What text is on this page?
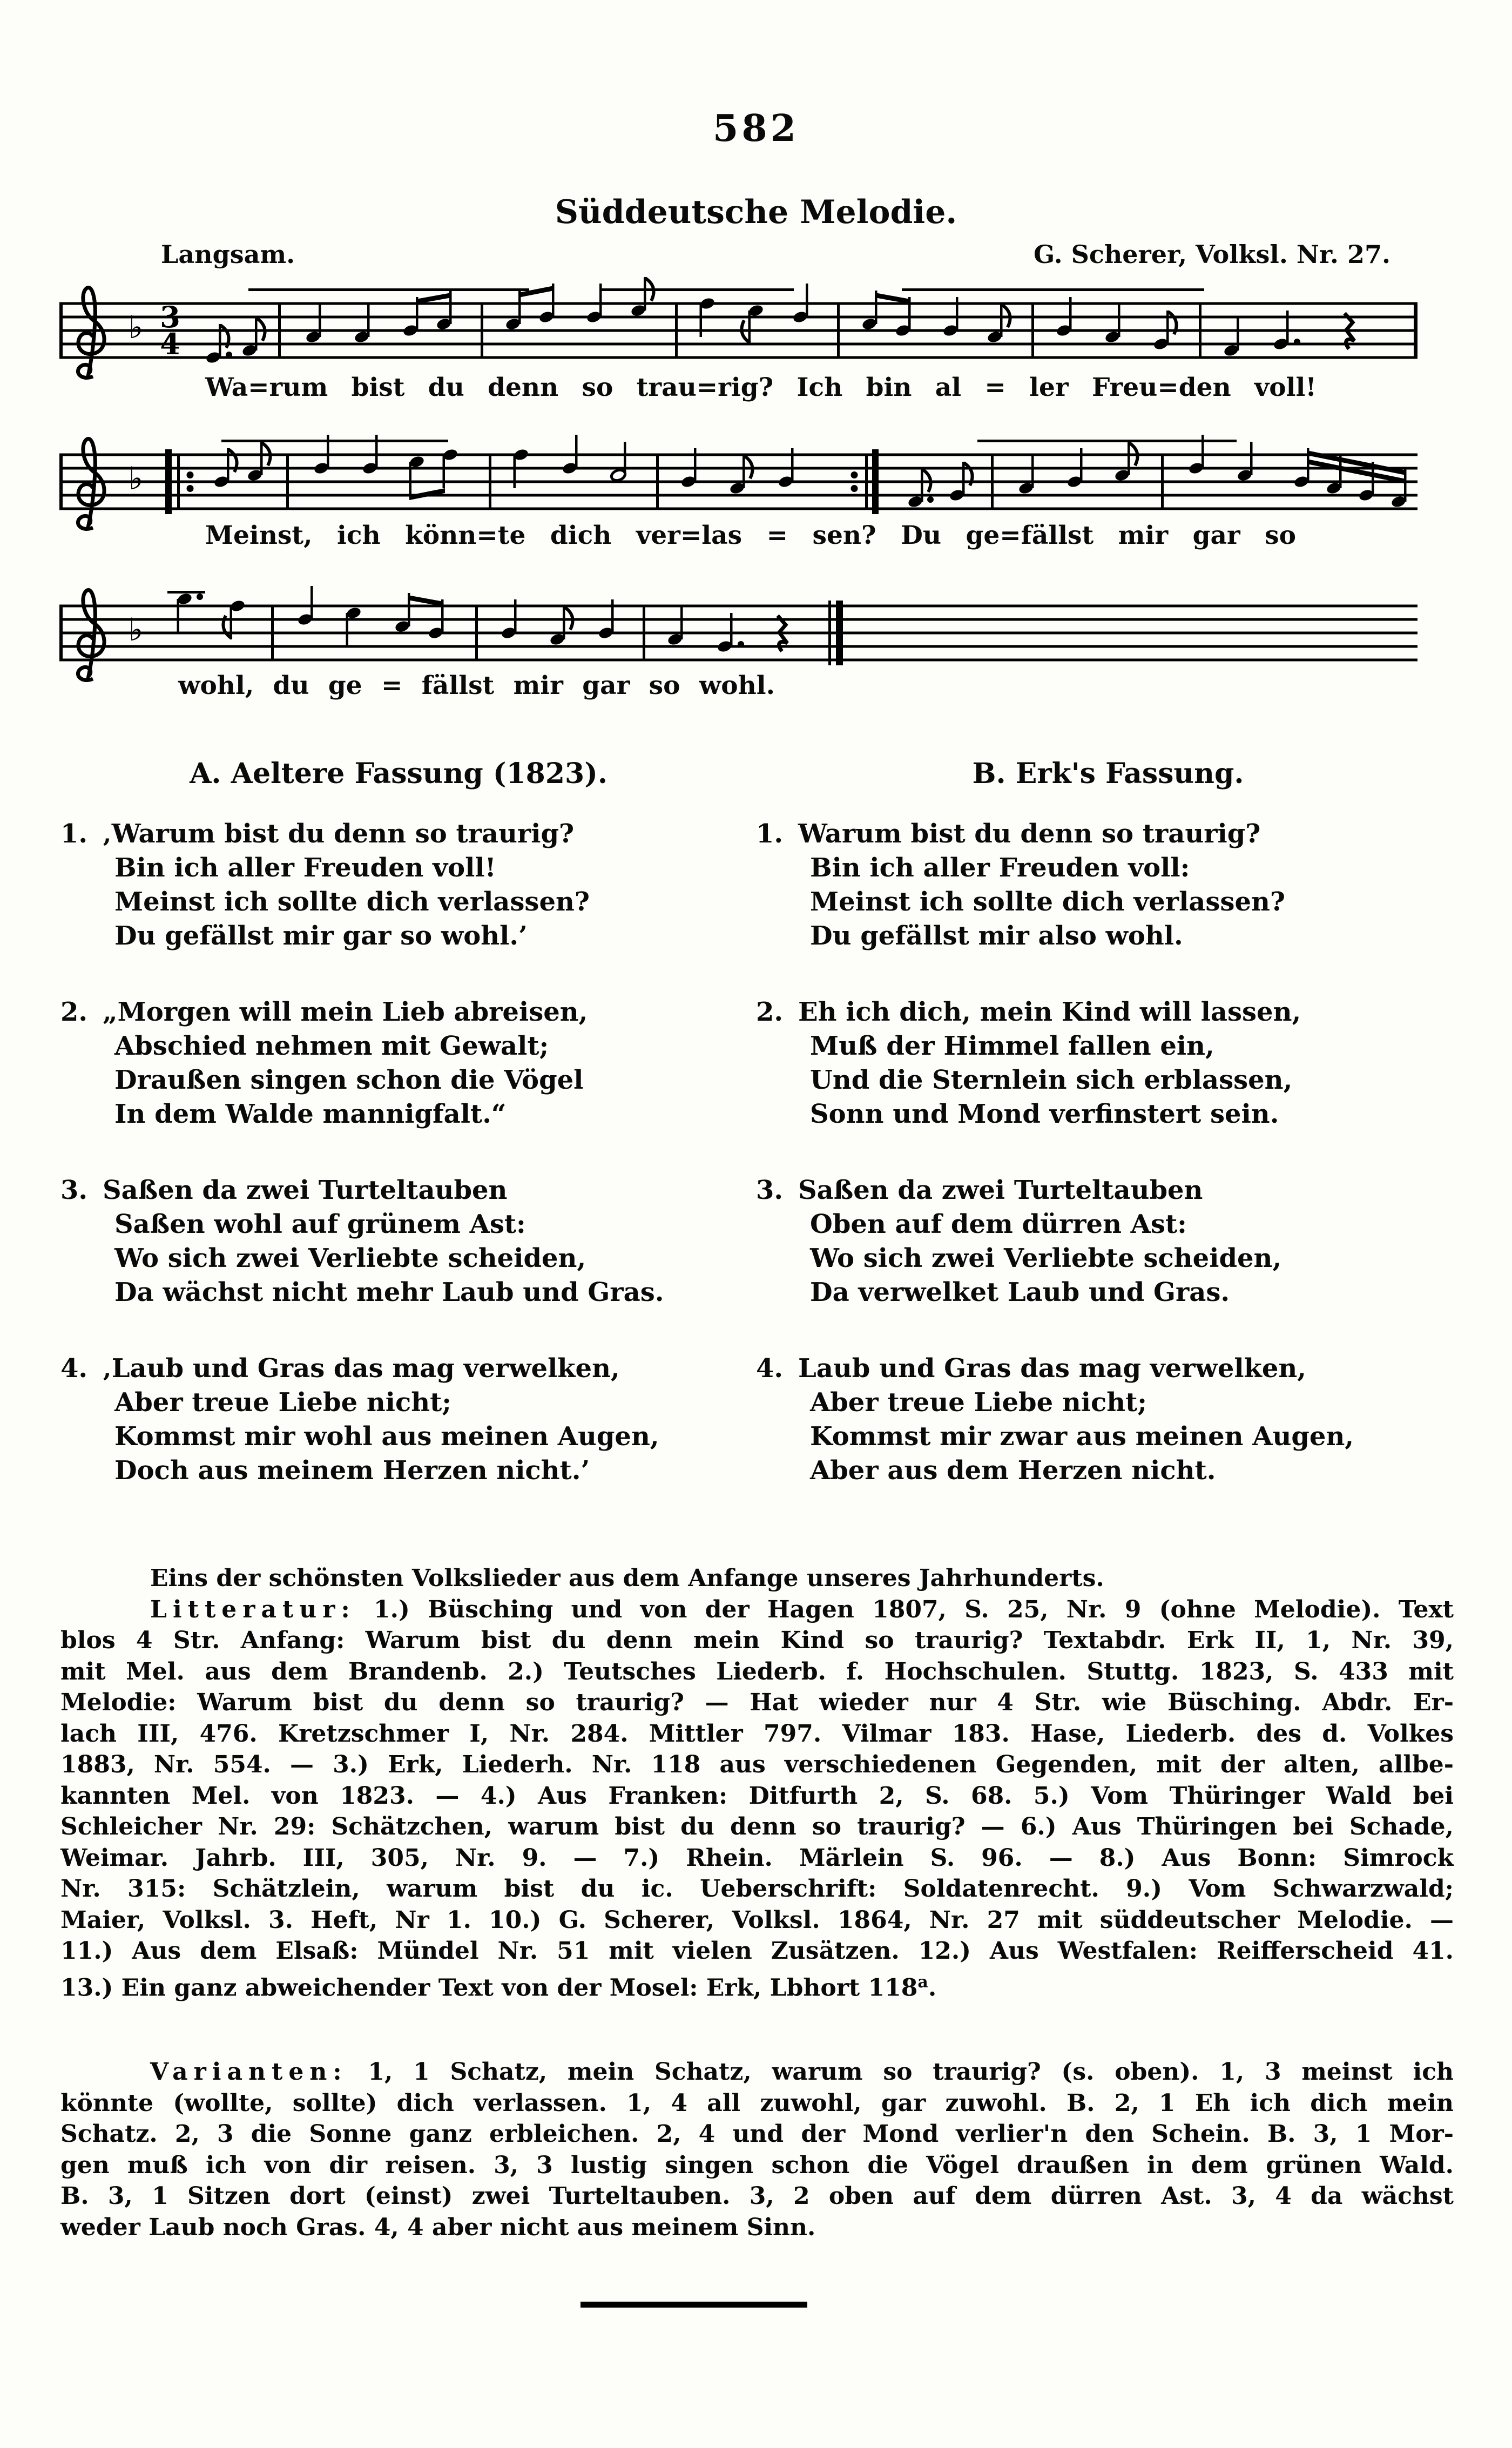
582
Süddeutsche Melodie.
Langsam.	G. Scherer, Volksl. Nr. 27.
♭ 3
4
Wa=rum bist du denn so trau=rig? Ich bin al = ler Freu=den voll!
♭
Meinst, ich könn=te dich ver=las = sen? Du ge=fällst mir gar so
♭
wohl, du ge = fällst mir gar so wohl.
A. Aeltere Fassung (1823).
1. ‚Warum bist du denn so traurig?
Bin ich aller Freuden voll!
Meinst ich sollte dich verlassen?
Du gefällst mir gar so wohl.’
2. „Morgen will mein Lieb abreisen,
Abschied nehmen mit Gewalt;
Draußen singen schon die Vögel
In dem Walde mannigfalt.“
3. Saßen da zwei Turteltauben
Saßen wohl auf grünem Ast:
Wo sich zwei Verliebte scheiden,
Da wächst nicht mehr Laub und Gras.
4. ‚Laub und Gras das mag verwelken,
Aber treue Liebe nicht;
Kommst mir wohl aus meinen Augen,
Doch aus meinem Herzen nicht.’
B. Erk's Fassung.
1. Warum bist du denn so traurig?
Bin ich aller Freuden voll:
Meinst ich sollte dich verlassen?
Du gefällst mir also wohl.
2. Eh ich dich, mein Kind will lassen,
Muß der Himmel fallen ein,
Und die Sternlein sich erblassen,
Sonn und Mond verfinstert sein.
3. Saßen da zwei Turteltauben
Oben auf dem dürren Ast:
Wo sich zwei Verliebte scheiden,
Da verwelket Laub und Gras.
4. Laub und Gras das mag verwelken,
Aber treue Liebe nicht;
Kommst mir zwar aus meinen Augen,
Aber aus dem Herzen nicht.
Eins der schönsten Volkslieder aus dem Anfange unseres Jahrhunderts.
Litteratur: 1.) Büsching und von der Hagen 1807, S. 25, Nr. 9 (ohne Melodie). Text
blos 4 Str. Anfang: Warum bist du denn mein Kind so traurig? Textabdr. Erk II, 1, Nr. 39,
mit Mel. aus dem Brandenb. 2.) Teutsches Liederb. f. Hochschulen. Stuttg. 1823, S. 433 mit
Melodie: Warum bist du denn so traurig? — Hat wieder nur 4 Str. wie Büsching. Abdr. Er-
lach III, 476. Kretzschmer I, Nr. 284. Mittler 797. Vilmar 183. Hase, Liederb. des d. Volkes
1883, Nr. 554. — 3.) Erk, Liederh. Nr. 118 aus verschiedenen Gegenden, mit der alten, allbe-
kannten Mel. von 1823. — 4.) Aus Franken: Ditfurth 2, S. 68. 5.) Vom Thüringer Wald bei
Schleicher Nr. 29: Schätzchen, warum bist du denn so traurig? — 6.) Aus Thüringen bei Schade,
Weimar. Jahrb. III, 305, Nr. 9. — 7.) Rhein. Märlein S. 96. — 8.) Aus Bonn: Simrock
Nr. 315: Schätzlein, warum bist du ic. Ueberschrift: Soldatenrecht. 9.) Vom Schwarzwald;
Maier, Volksl. 3. Heft, Nr 1. 10.) G. Scherer, Volksl. 1864, Nr. 27 mit süddeutscher Melodie. —
11.) Aus dem Elsaß: Mündel Nr. 51 mit vielen Zusätzen. 12.) Aus Westfalen: Reifferscheid 41.
13.) Ein ganz abweichender Text von der Mosel: Erk, Lbhort 118$^a$.
Varianten: 1, 1 Schatz, mein Schatz, warum so traurig? (s. oben). 1, 3 meinst ich
könnte (wollte, sollte) dich verlassen. 1, 4 all zuwohl, gar zuwohl. B. 2, 1 Eh ich dich mein
Schatz. 2, 3 die Sonne ganz erbleichen. 2, 4 und der Mond verlier'n den Schein. B. 3, 1 Mor-
gen muß ich von dir reisen. 3, 3 lustig singen schon die Vögel draußen in dem grünen Wald.
B. 3, 1 Sitzen dort (einst) zwei Turteltauben. 3, 2 oben auf dem dürren Ast. 3, 4 da wächst
weder Laub noch Gras. 4, 4 aber nicht aus meinem Sinn.
